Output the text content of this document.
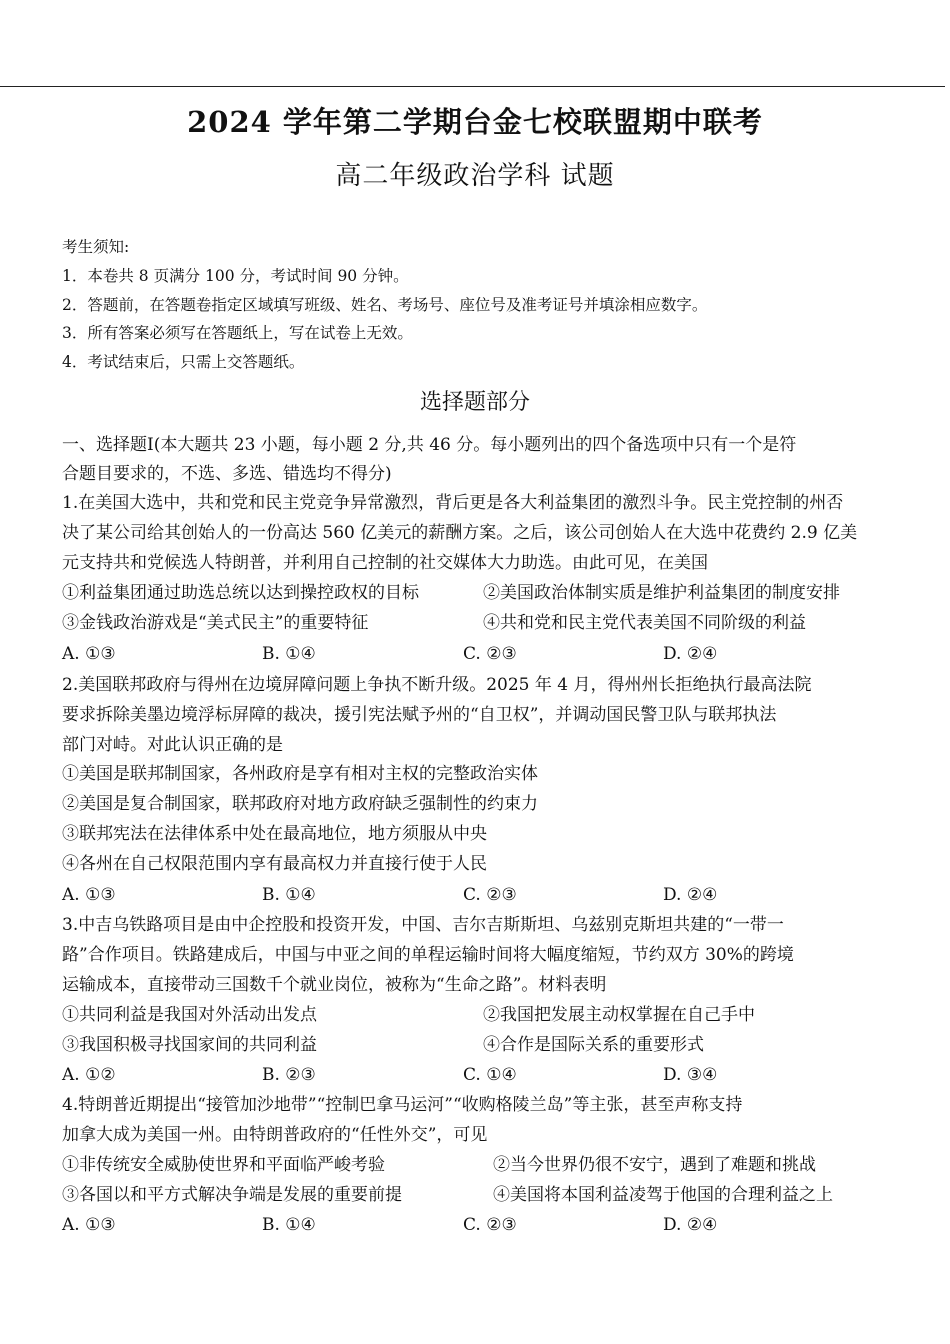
2024 学年第二学期台金七校联盟期中联考
高二年级政治学科 试题
考生须知:
1．本卷共 8 页满分 100 分，考试时间 90 分钟。
2．答题前，在答题卷指定区域填写班级、姓名、考场号、座位号及准考证号并填涂相应数字。
3．所有答案必须写在答题纸上，写在试卷上无效。
4．考试结束后，只需上交答题纸。
选择题部分
一、选择题Ⅰ(本大题共 23 小题，每小题 2 分,共 46 分。每小题列出的四个备选项中只有一个是符
合题目要求的，不选、多选、错选均不得分)
1.在美国大选中，共和党和民主党竞争异常激烈，背后更是各大利益集团的激烈斗争。民主党控制的州否
决了某公司给其创始人的一份高达 560 亿美元的薪酬方案。之后，该公司创始人在大选中花费约 2.9 亿美
元支持共和党候选人特朗普，并利用自己控制的社交媒体大力助选。由此可见，在美国
①利益集团通过助选总统以达到操控政权的目标	②美国政治体制实质是维护利益集团的制度安排
③金钱政治游戏是“美式民主”的重要特征	④共和党和民主党代表美国不同阶级的利益
A. ①③	B. ①④	C. ②③	D. ②④
2.美国联邦政府与得州在边境屏障问题上争执不断升级。2025 年 4 月，得州州长拒绝执行最高法院
要求拆除美墨边境浮标屏障的裁决，援引宪法赋予州的“自卫权”，并调动国民警卫队与联邦执法
部门对峙。对此认识正确的是
①美国是联邦制国家，各州政府是享有相对主权的完整政治实体
②美国是复合制国家，联邦政府对地方政府缺乏强制性的约束力
③联邦宪法在法律体系中处在最高地位，地方须服从中央
④各州在自己权限范围内享有最高权力并直接行使于人民
A. ①③	B. ①④	C. ②③	D. ②④
3.中吉乌铁路项目是由中企控股和投资开发，中国、吉尔吉斯斯坦、乌兹别克斯坦共建的“一带一
路”合作项目。铁路建成后，中国与中亚之间的单程运输时间将大幅度缩短，节约双方 30%的跨境
运输成本，直接带动三国数千个就业岗位，被称为“生命之路”。材料表明
①共同利益是我国对外活动出发点	②我国把发展主动权掌握在自己手中
③我国积极寻找国家间的共同利益	④合作是国际关系的重要形式
A. ①②	B. ②③	C. ①④	D. ③④
4.特朗普近期提出“接管加沙地带”“控制巴拿马运河”“收购格陵兰岛”等主张，甚至声称支持
加拿大成为美国一州。由特朗普政府的“任性外交”，可见
①非传统安全威胁使世界和平面临严峻考验	②当今世界仍很不安宁，遇到了难题和挑战
③各国以和平方式解决争端是发展的重要前提	④美国将本国利益凌驾于他国的合理利益之上
A. ①③	B. ①④	C. ②③	D. ②④
